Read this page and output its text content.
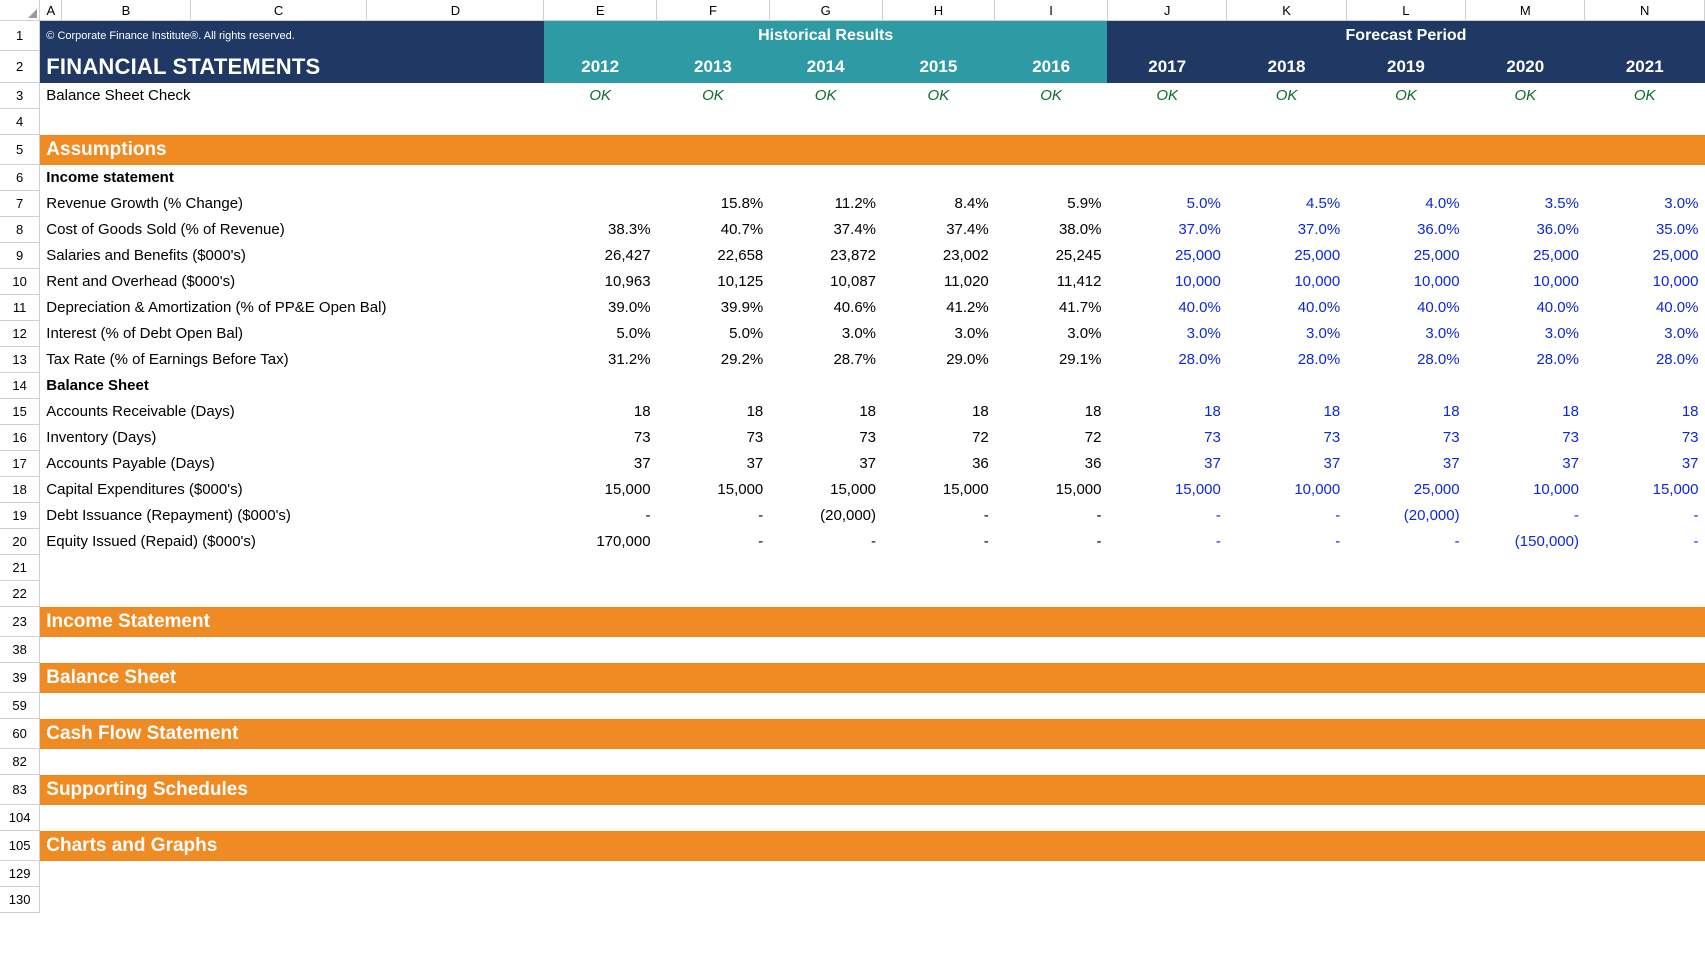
	A	B	C	D	E	F	G	H	I	J	K	L	M	N
1	© Corporate Finance Institute®. All rights reserved.				Historical Results					Forecast Period				
2	FINANCIAL STATEMENTS				2012	2013	2014	2015	2016	2017	2018	2019	2020	2021
3	Balance Sheet Check				OK	OK	OK	OK	OK	OK	OK	OK	OK	OK
4														
5	Assumptions													
6	Income statement													
7	Revenue Growth (% Change)					15.8%	11.2%	8.4%	5.9%	5.0%	4.5%	4.0%	3.5%	3.0%
8	Cost of Goods Sold (% of Revenue)				38.3%	40.7%	37.4%	37.4%	38.0%	37.0%	37.0%	36.0%	36.0%	35.0%
9	Salaries and Benefits ($000's)				26,427	22,658	23,872	23,002	25,245	25,000	25,000	25,000	25,000	25,000
10	Rent and Overhead ($000's)				10,963	10,125	10,087	11,020	11,412	10,000	10,000	10,000	10,000	10,000
11	Depreciation & Amortization (% of PP&E Open Bal)				39.0%	39.9%	40.6%	41.2%	41.7%	40.0%	40.0%	40.0%	40.0%	40.0%
12	Interest (% of Debt Open Bal)				5.0%	5.0%	3.0%	3.0%	3.0%	3.0%	3.0%	3.0%	3.0%	3.0%
13	Tax Rate (% of Earnings Before Tax)				31.2%	29.2%	28.7%	29.0%	29.1%	28.0%	28.0%	28.0%	28.0%	28.0%
14	Balance Sheet													
15	Accounts Receivable (Days)				18	18	18	18	18	18	18	18	18	18
16	Inventory (Days)				73	73	73	72	72	73	73	73	73	73
17	Accounts Payable (Days)				37	37	37	36	36	37	37	37	37	37
18	Capital Expenditures ($000's)				15,000	15,000	15,000	15,000	15,000	15,000	10,000	25,000	10,000	15,000
19	Debt Issuance (Repayment) ($000's)				-	-	(20,000)	-	-	-	-	(20,000)	-	-
20	Equity Issued (Repaid) ($000's)				170,000	-	-	-	-	-	-	-	(150,000)	-
21														
22														
23	Income Statement													
38														
39	Balance Sheet													
59														
60	Cash Flow Statement													
82														
83	Supporting Schedules													
104														
105	Charts and Graphs													
129														
130														
